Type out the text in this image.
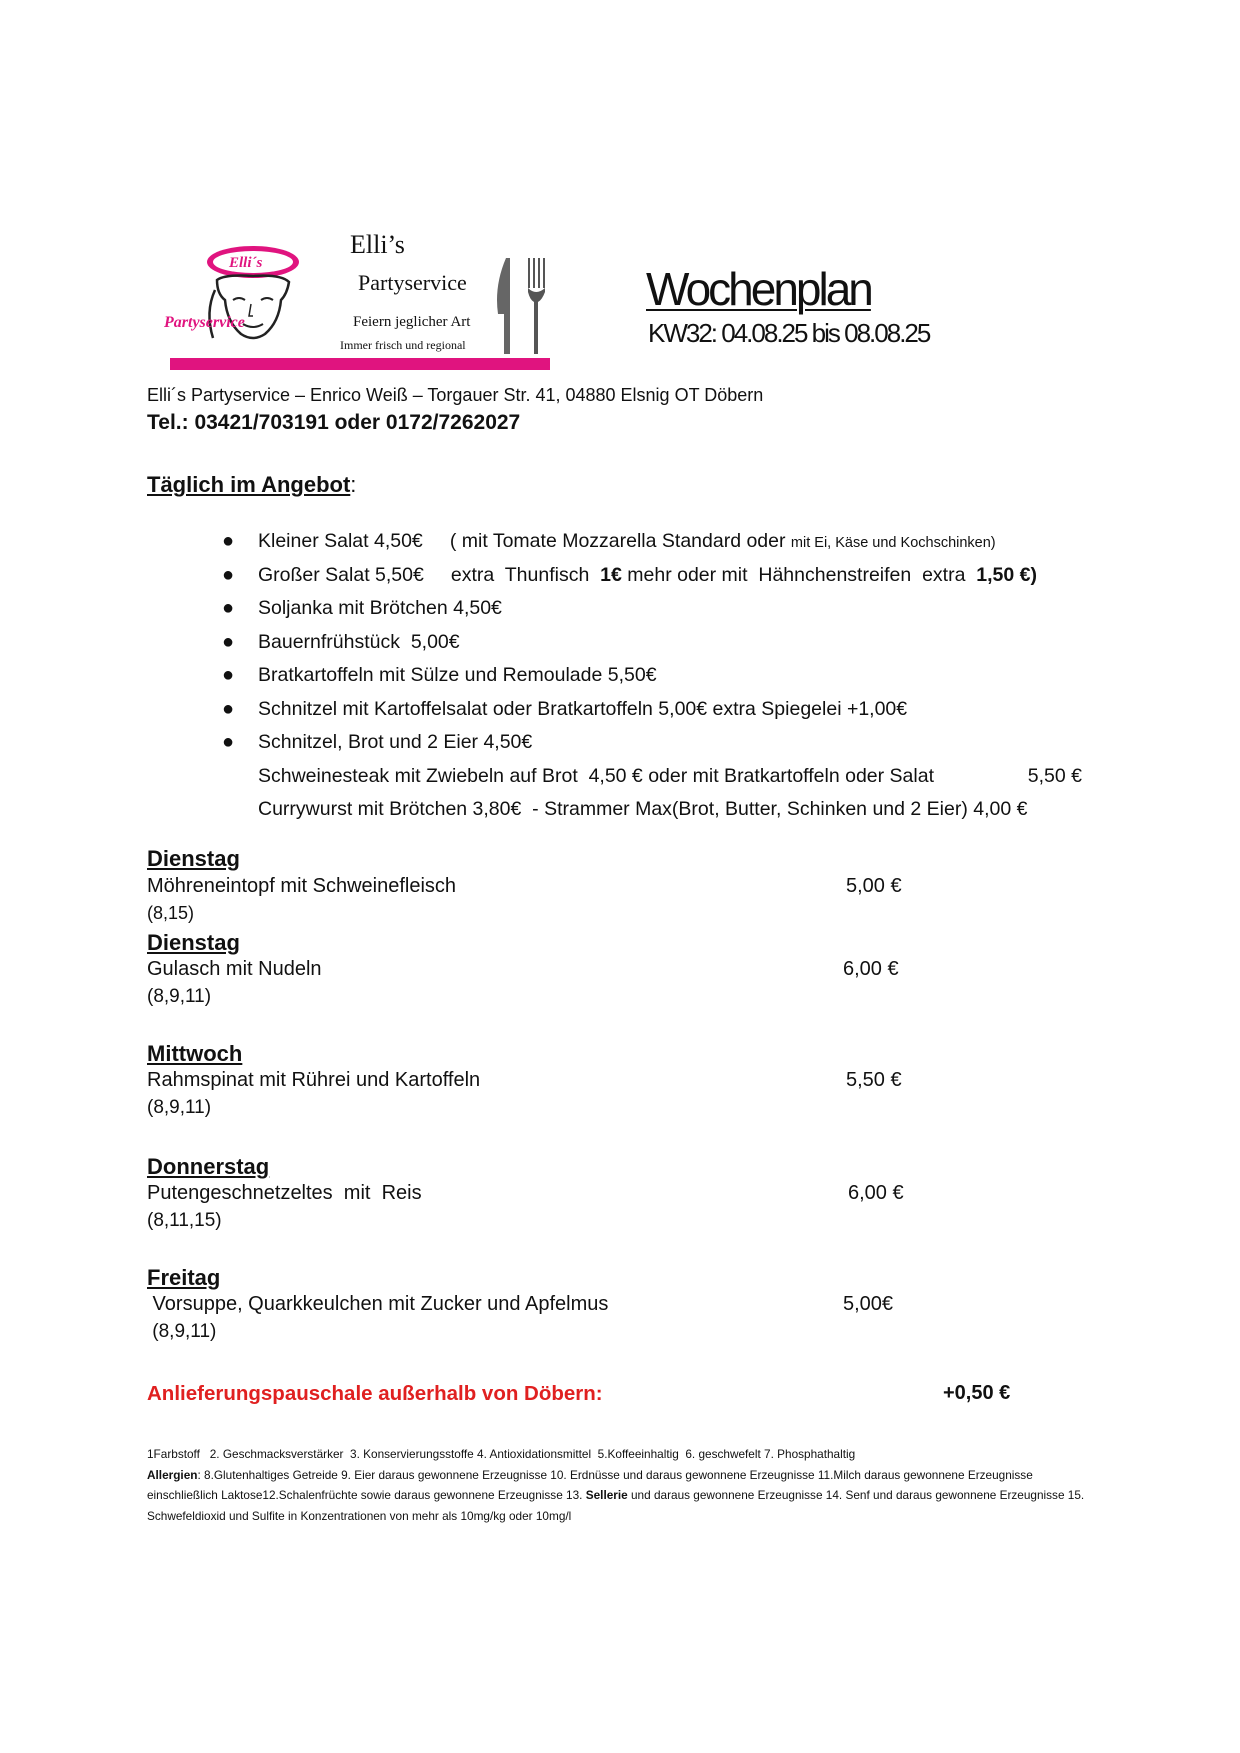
Elli´s
Partyservice
Elli’s
Partyservice
Feiern jeglicher Art
Immer frisch und regional
Wochenplan
KW32: 04.08.25 bis 08.08.25
Elli´s Partyservice – Enrico Weiß – Torgauer Str. 41, 04880 Elsnig OT Döbern
Tel.: 03421/703191 oder 0172/7262027
Täglich im Angebot:
● Kleiner Salat 4,50€     ( mit Tomate Mozzarella Standard oder mit Ei, Käse und Kochschinken)
● Großer Salat 5,50€     extra  Thunfisch  1€ mehr oder mit  Hähnchenstreifen  extra  1,50 €)
● Soljanka mit Brötchen 4,50€
● Bauernfrühstück  5,00€
● Bratkartoffeln mit Sülze und Remoulade 5,50€
● Schnitzel mit Kartoffelsalat oder Bratkartoffeln 5,00€ extra Spiegelei +1,00€
● Schnitzel, Brot und 2 Eier 4,50€
Schweinesteak mit Zwiebeln auf Brot  4,50 € oder mit Bratkartoffeln oder Salat	5,50 €
Currywurst mit Brötchen 3,80€  - Strammer Max(Brot, Butter, Schinken und 2 Eier) 4,00 €
Dienstag
Möhreneintopf mit Schweinefleisch	5,00 €
(8,15)
Dienstag
Gulasch mit Nudeln	6,00 €
(8,9,11)
Mittwoch
Rahmspinat mit Rührei und Kartoffeln	5,50 €
(8,9,11)
Donnerstag
Putengeschnetzeltes  mit  Reis	6,00 €
(8,11,15)
Freitag
Vorsuppe, Quarkkeulchen mit Zucker und Apfelmus	5,00€
(8,9,11)
Anlieferungspauschale außerhalb von Döbern:	+0,50 €
1Farbstoff   2. Geschmacksverstärker  3. Konservierungsstoffe 4. Antioxidationsmittel  5.Koffeeinhaltig  6. geschwefelt 7. Phosphathaltig
Allergien: 8.Glutenhaltiges Getreide 9. Eier daraus gewonnene Erzeugnisse 10. Erdnüsse und daraus gewonnene Erzeugnisse 11.Milch daraus gewonnene Erzeugnisse einschließlich Laktose12.Schalenfrüchte sowie daraus gewonnene Erzeugnisse 13. Sellerie und daraus gewonnene Erzeugnisse 14. Senf und daraus gewonnene Erzeugnisse 15. Schwefeldioxid und Sulfite in Konzentrationen von mehr als 10mg/kg oder 10mg/l
